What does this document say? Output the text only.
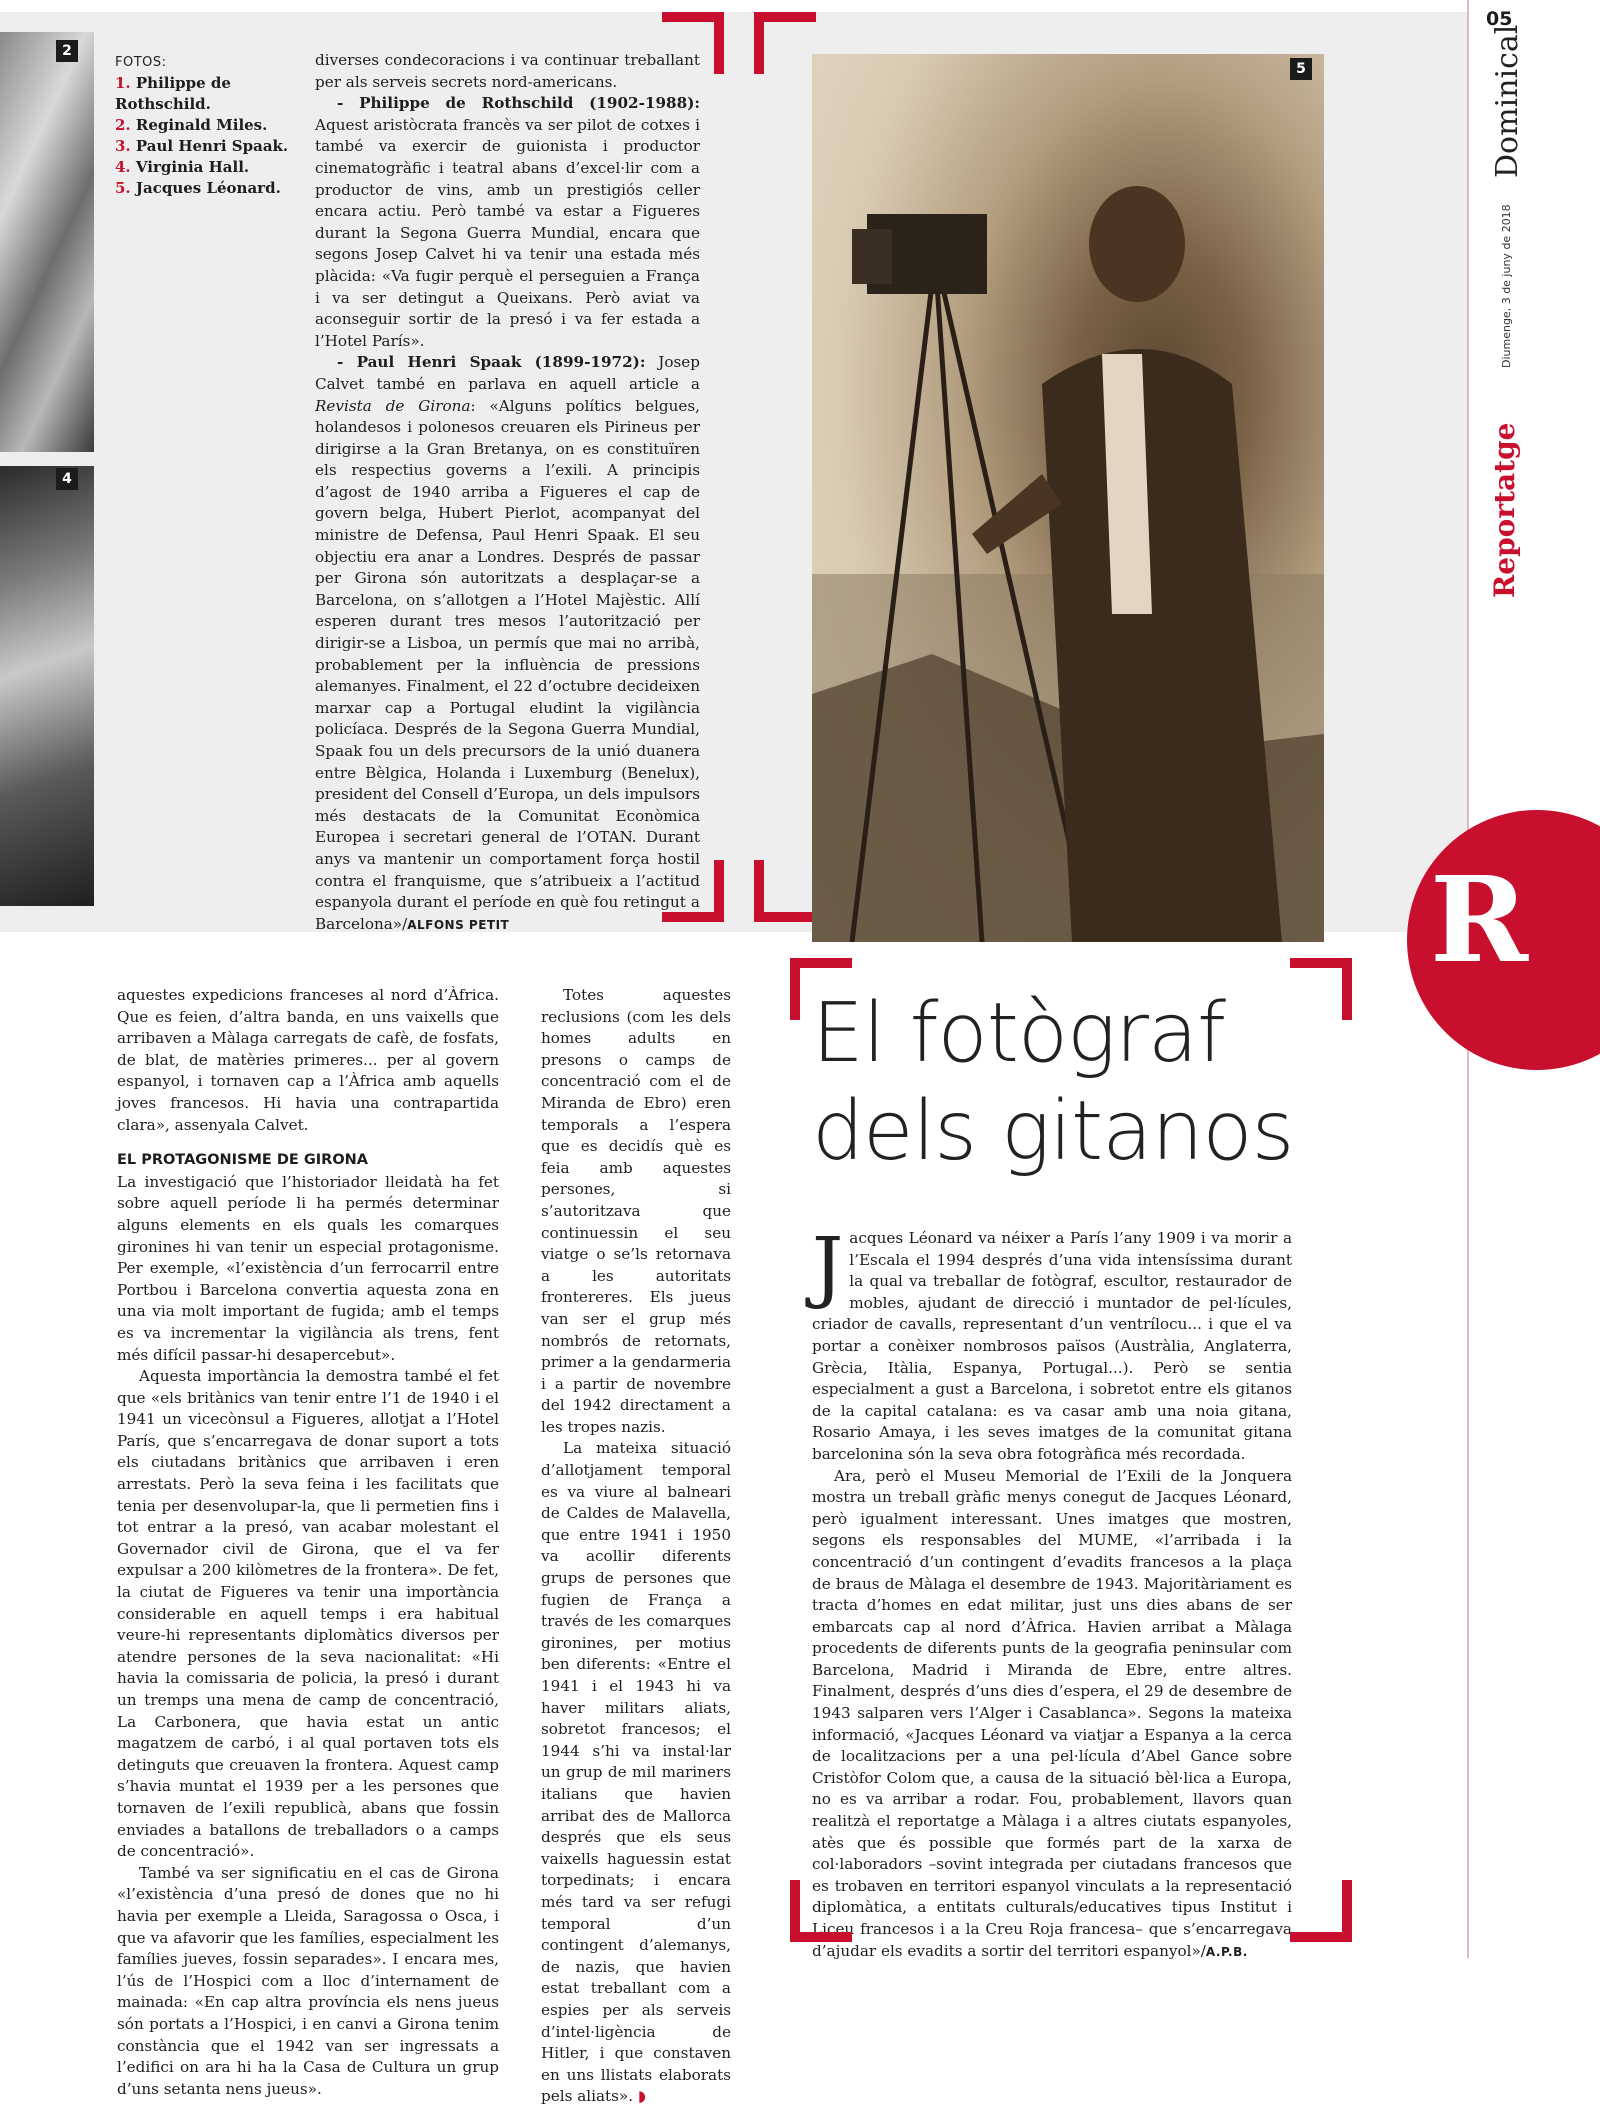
2
4
FOTOS:
1. Philippe de Rothschild.
2. Reginald Miles.
3. Paul Henri Spaak.
4. Virginia Hall.
5. Jacques Léonard.

diverses condecoracions i va continuar treballant per als serveis secrets nord-americans.

- Philippe de Rothschild (1902-1988): Aquest aristòcrata francès va ser pilot de cotxes i també va exercir de guionista i productor cinematogràfic i teatral abans d’excel·lir com a productor de vins, amb un prestigiós celler encara actiu. Però també va estar a Figueres durant la Segona Guerra Mundial, encara que segons Josep Calvet hi va tenir una estada més plàcida: «Va fugir perquè el perseguien a França i va ser detingut a Queixans. Però aviat va aconseguir sortir de la presó i va fer estada a l’Hotel París».

- Paul Henri Spaak (1899-1972): Josep Calvet també en parlava en aquell article a Revista de Girona: «Alguns polítics belgues, holandesos i polonesos creuaren els Pirineus per dirigirse a la Gran Bretanya, on es constituïren els respectius governs a l’exili. A principis d’agost de 1940 arriba a Figueres el cap de govern belga, Hubert Pierlot, acompanyat del ministre de Defensa, Paul Henri Spaak. El seu objectiu era anar a Londres. Després de passar per Girona són autoritzats a desplaçar-se a Barcelona, on s’allotgen a l’Hotel Majèstic. Allí esperen durant tres mesos l’autorització per dirigir-se a Lisboa, un permís que mai no arribà, probablement per la influència de pressions alemanyes. Finalment, el 22 d’octubre decideixen marxar cap a Portugal eludint la vigilància policíaca. Després de la Segona Guerra Mundial, Spaak fou un dels precursors de la unió duanera entre Bèlgica, Holanda i Luxemburg (Benelux), president del Consell d’Europa, un dels impulsors més destacats de la Comunitat Econòmica Europea i secretari general de l’OTAN. Durant anys va mantenir un comportament força hostil contra el franquisme, que s’atribueix a l’actitud espanyola durant el període en què fou retingut a Barcelona»/ALFONS PETIT

5

aquestes expedicions franceses al nord d’Àfrica. Que es feien, d’altra banda, en uns vaixells que arribaven a Màlaga carregats de cafè, de fosfats, de blat, de matèries primeres... per al govern espanyol, i tornaven cap a l’Àfrica amb aquells joves francesos. Hi havia una contrapartida clara», assenyala Calvet.

EL PROTAGONISME DE GIRONA

La investigació que l’historiador lleidatà ha fet sobre aquell període li ha permés determinar alguns elements en els quals les comarques gironines hi van tenir un especial protagonisme. Per exemple, «l’existència d’un ferrocarril entre Portbou i Barcelona convertia aquesta zona en una via molt important de fugida; amb el temps es va incrementar la vigilància als trens, fent més difícil passar-hi desapercebut».

Aquesta importància la demostra també el fet que «els britànics van tenir entre l’1 de 1940 i el 1941 un vicecònsul a Figueres, allotjat a l’Hotel París, que s’encarregava de donar suport a tots els ciutadans britànics que arribaven i eren arrestats. Però la seva feina i les facilitats que tenia per desenvolupar-la, que li permetien fins i tot entrar a la presó, van acabar molestant el Governador civil de Girona, que el va fer expulsar a 200 kilòmetres de la frontera». De fet, la ciutat de Figueres va tenir una importància considerable en aquell temps i era habitual veure-hi representants diplomàtics diversos per atendre persones de la seva nacionalitat: «Hi havia la comissaria de policia, la presó i durant un tremps una mena de camp de concentració, La Carbonera, que havia estat un antic magatzem de carbó, i al qual portaven tots els detinguts que creuaven la frontera. Aquest camp s’havia muntat el 1939 per a les persones que tornaven de l’exili republicà, abans que fossin enviades a batallons de treballadors o a camps de concentració».

També va ser significatiu en el cas de Girona «l’existència d’una presó de dones que no hi havia per exemple a Lleida, Saragossa o Osca, i que va afavorir que les famílies, especialment les famílies jueves, fossin separades». I encara mes, l’ús de l’Hospici com a lloc d’internament de mainada: «En cap altra província els nens jueus són portats a l’Hospici, i en canvi a Girona tenim constància que el 1942 van ser ingressats a l’edifici on ara hi ha la Casa de Cultura un grup d’uns setanta nens jueus».

Totes aquestes reclusions (com les dels homes adults en presons o camps de concentració com el de Miranda de Ebro) eren temporals a l’espera que es decidís què es feia amb aquestes persones, si s’autoritzava que continuessin el seu viatge o se’ls retornava a les autoritats frontereres. Els jueus van ser el grup més nombrós de retornats, primer a la gendarmeria i a partir de novembre del 1942 directament a les tropes nazis.

La mateixa situació d’allotjament temporal es va viure al balneari de Caldes de Malavella, que entre 1941 i 1950 va acollir diferents grups de persones que fugien de França a través de les comarques gironines, per motius ben diferents: «Entre el 1941 i el 1943 hi va haver militars aliats, sobretot francesos; el 1944 s’hi va instal·lar un grup de mil mariners italians que havien arribat des de Mallorca després que els seus vaixells haguessin estat torpedinats; i encara més tard va ser refugi temporal d’un contingent d’alemanys, de nazis, que havien estat treballant com a espies per als serveis d’intel·ligència de Hitler, i que constaven en uns llistats elaborats pels aliats». ◗

El fotògraf
dels gitanos

Jacques Léonard va néixer a París l’any 1909 i va morir a l’Escala el 1994 després d’una vida intensíssima durant la qual va treballar de fotògraf, escultor, restaurador de mobles, ajudant de direcció i muntador de pel·lícules, criador de cavalls, representant d’un ventrílocu... i que el va portar a conèixer nombrosos països (Austràlia, Anglaterra, Grècia, Itàlia, Espanya, Portugal...). Però se sentia especialment a gust a Barcelona, i sobretot entre els gitanos de la capital catalana: es va casar amb una noia gitana, Rosario Amaya, i les seves imatges de la comunitat gitana barcelonina són la seva obra fotogràfica més recordada.

Ara, però el Museu Memorial de l’Exili de la Jonquera mostra un treball gràfic menys conegut de Jacques Léonard, però igualment interessant. Unes imatges que mostren, segons els responsables del MUME, «l’arribada i la concentració d’un contingent d’evadits francesos a la plaça de braus de Màlaga el desembre de 1943. Majoritàriament es tracta d’homes en edat militar, just uns dies abans de ser embarcats cap al nord d’Àfrica. Havien arribat a Màlaga procedents de diferents punts de la geografia peninsular com Barcelona, Madrid i Miranda de Ebre, entre altres. Finalment, després d’uns dies d’espera, el 29 de desembre de 1943 salparen vers l’Alger i Casablanca». Segons la mateixa informació, «Jacques Léonard va viatjar a Espanya a la cerca de localitzacions per a una pel·lícula d’Abel Gance sobre Cristòfor Colom que, a causa de la situació bèl·lica a Europa, no es va arribar a rodar. Fou, probablement, llavors quan realitzà el reportatge a Màlaga i a altres ciutats espanyoles, atès que és possible que formés part de la xarxa de col·laboradors –sovint integrada per ciutadans francesos que es trobaven en territori espanyol vinculats a la representació diplomàtica, a entitats culturals/educatives tipus Institut i Liceu francesos i a la Creu Roja francesa– que s’encarregava d’ajudar els evadits a sortir del territori espanyol»/A.P.B.

05
Dominical
Diumenge, 3 de juny de 2018
Reportatge
R
